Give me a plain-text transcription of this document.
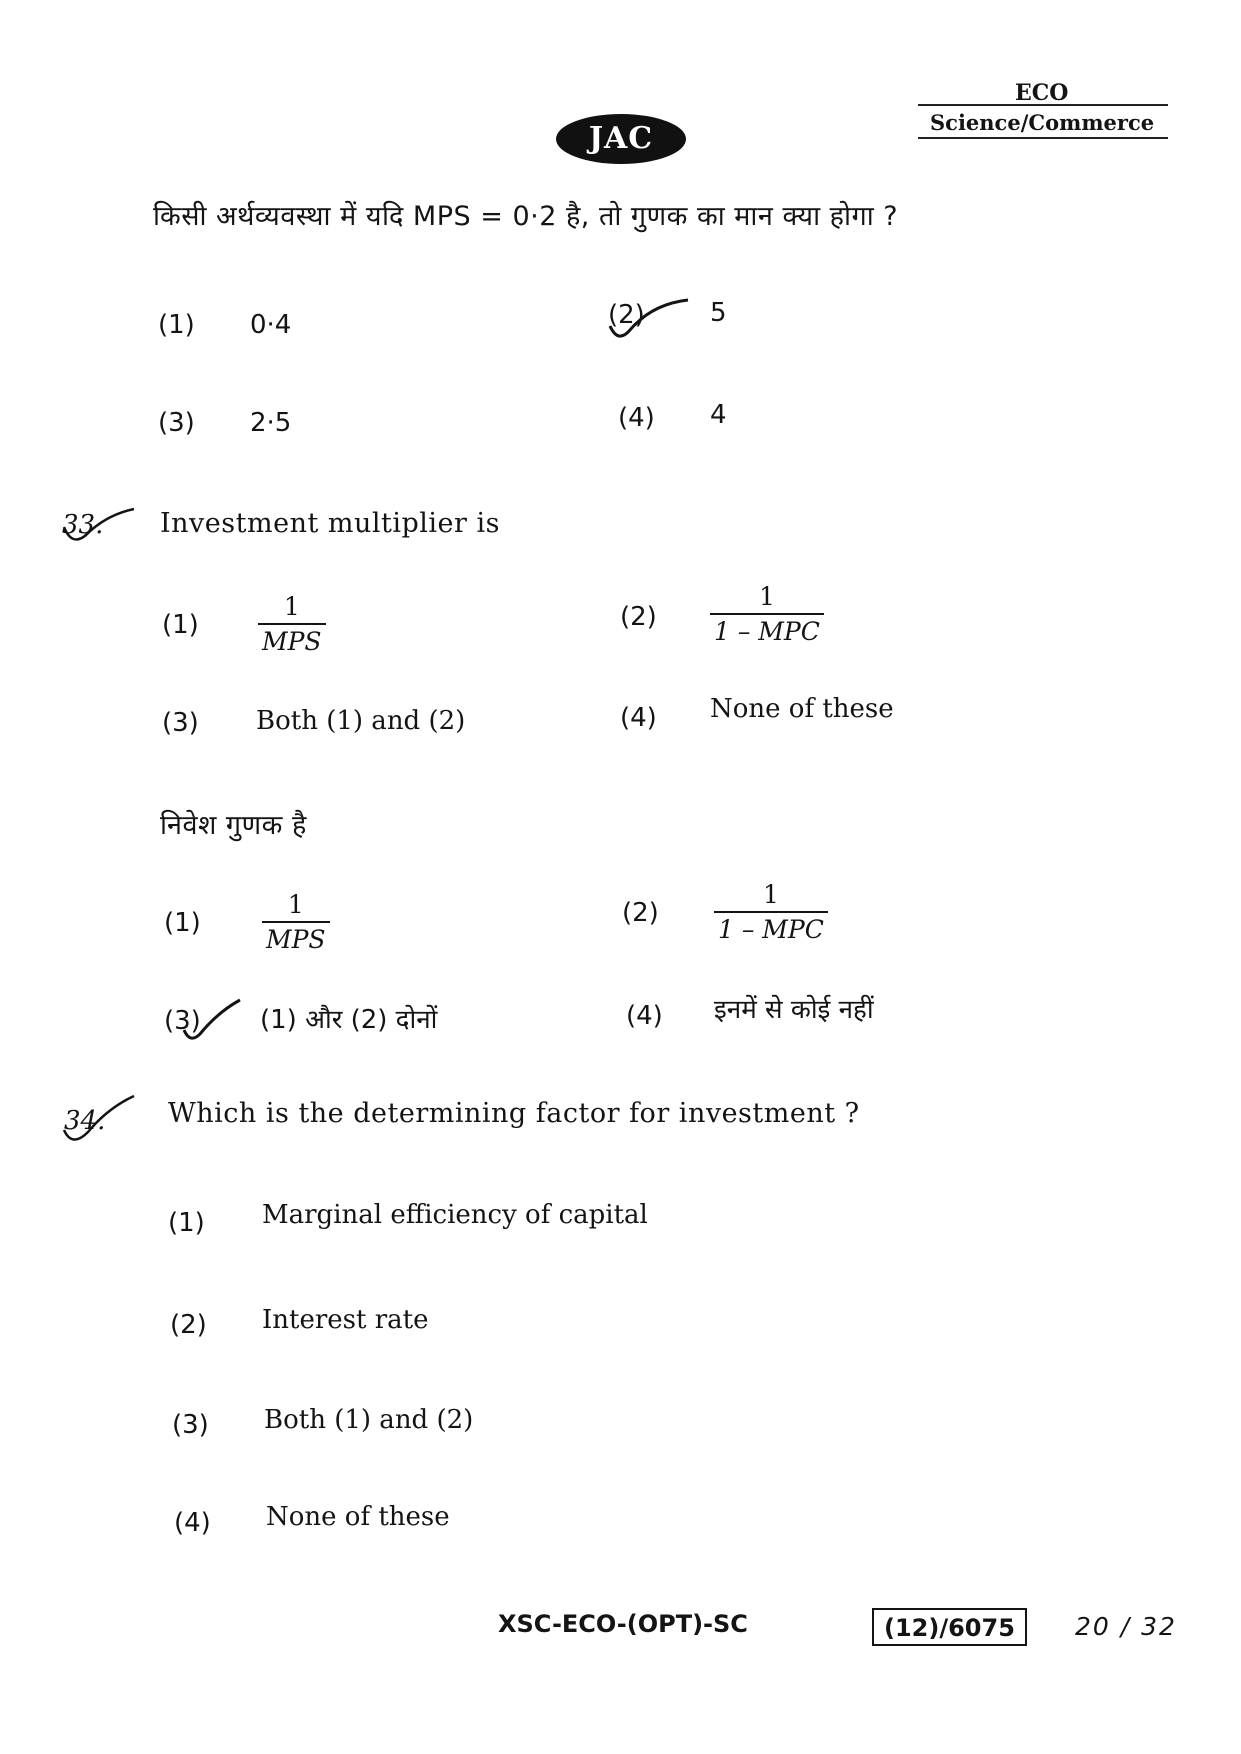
JAC
ECO
Science/Commerce
किसी अर्थव्यवस्था में यदि MPS = 0·2 है, तो गुणक का मान क्या होगा ?
(1) 0·4	(2)	5
(3) 2·5	(4) 4
33. Investment multiplier is
$(1) \frac{1}{\text{MPS}}$	$(2) \frac{1}{\text{1 – MPC}}$
(3) Both (1) and (2)	(4) None of these
निवेश गुणक है
$(1) \frac{1}{\text{MPS}}$	$(2) \frac{1}{\text{1 – MPC}}$
(3) (1) और (2) दोनों	(4) इनमें से कोई नहीं
34. Which is the determining factor for investment ?
(1) Marginal efficiency of capital
(2) Interest rate
(3) Both (1) and (2)
(4) None of these
XSC-ECO-(OPT)-SC	(12)/6075	20 / 32
